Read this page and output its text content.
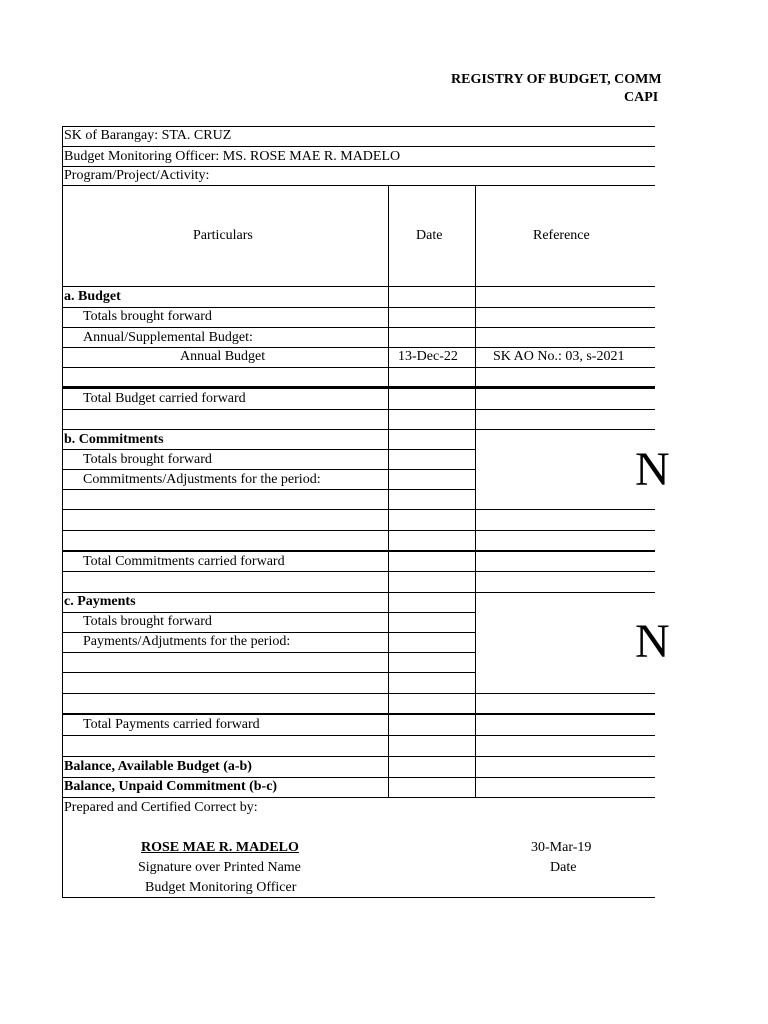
REGISTRY OF BUDGET, COMM
CAPI
SK of Barangay: STA. CRUZ
Budget Monitoring Officer: MS. ROSE MAE R. MADELO
Program/Project/Activity:
Particulars	Date	Reference
a. Budget
Totals brought forward
Annual/Supplemental Budget:
Annual Budget	13-Dec-22	SK AO No.: 03, s-2021
Total Budget carried forward
b. Commitments
Totals brought forward
Commitments/Adjustments for the period:
Total Commitments carried forward
N
c. Payments
Totals brought forward
Payments/Adjutments for the period:
Total Payments carried forward
N
Balance, Available Budget (a-b)
Balance, Unpaid Commitment (b-c)
Prepared and Certified Correct by:
ROSE MAE R. MADELO
Signature over Printed Name
Budget Monitoring Officer
30-Mar-19
Date
